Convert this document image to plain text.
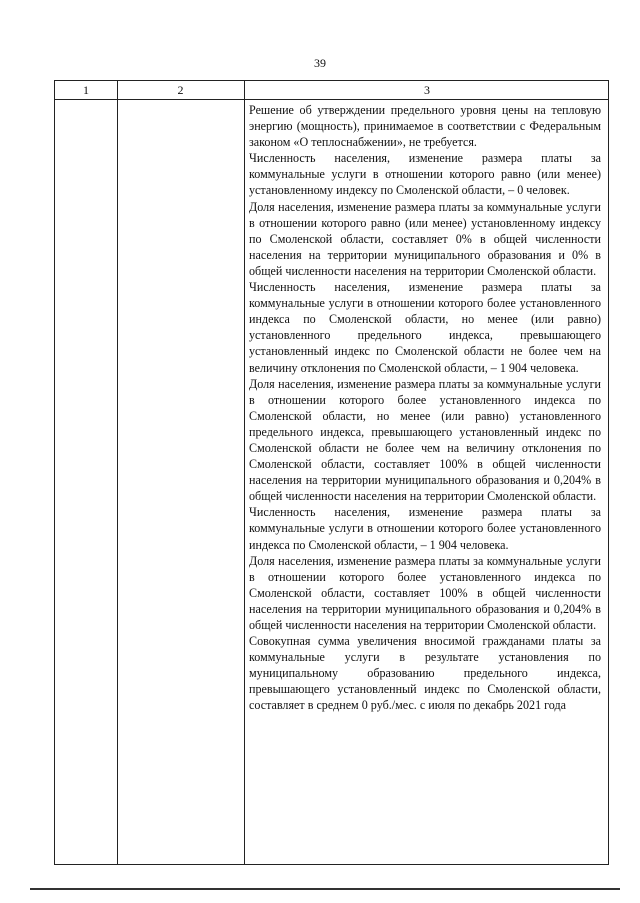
39
1	2	3

Решение об утверждении предельного уровня цены на тепловую энергию (мощность), принимаемое в соответствии с Федеральным законом «О теплоснабжении», не требуется.

Численность населения, изменение размера платы за коммунальные услуги в отношении которого равно (или менее) установленному индексу по Смоленской области, – 0 человек.

Доля населения, изменение размера платы за коммунальные услуги в отношении которого равно (или менее) установленному индексу по Смоленской области, составляет 0% в общей численности населения на территории муниципального образования и 0% в общей численности населения на территории Смоленской области.

Численность населения, изменение размера платы за коммунальные услуги в отношении которого более установленного индекса по Смоленской области, но менее (или равно) установленного предельного индекса, превышающего установленный индекс по Смоленской области не более чем на величину отклонения по Смоленской области, – 1 904 человека.

Доля населения, изменение размера платы за коммунальные услуги в отношении которого более установленного индекса по Смоленской области, но менее (или равно) установленного предельного индекса, превышающего установленный индекс по Смоленской области не более чем на величину отклонения по Смоленской области, составляет 100% в общей численности населения на территории муниципального образования и 0,204% в общей численности населения на территории Смоленской области.

Численность населения, изменение размера платы за коммунальные услуги в отношении которого более установленного индекса по Смоленской области, – 1 904 человека.

Доля населения, изменение размера платы за коммунальные услуги в отношении которого более установленного индекса по Смоленской области, составляет 100% в общей численности населения на территории муниципального образования и 0,204% в общей численности населения на территории Смоленской области.

Совокупная сумма увеличения вносимой гражданами платы за коммунальные услуги в результате установления по муниципальному образованию предельного индекса, превышающего установленный индекс по Смоленской области, составляет в среднем 0 руб./мес. с июля по декабрь 2021 года
